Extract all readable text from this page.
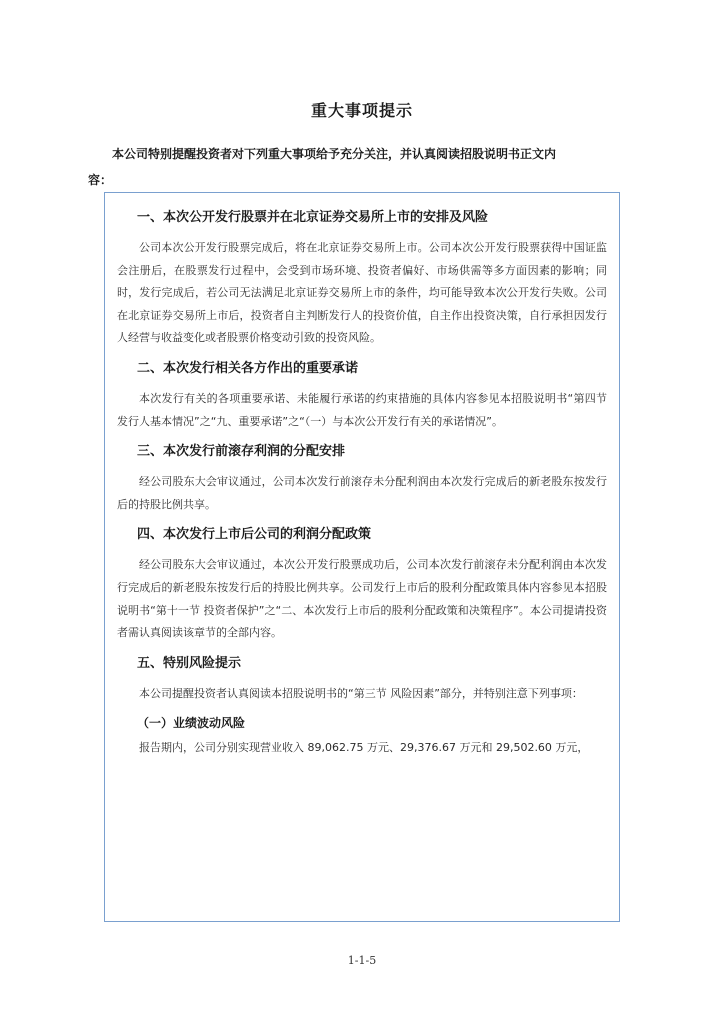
重大事项提示
本公司特别提醒投资者对下列重大事项给予充分关注，并认真阅读招股说明书正文内
容：
一、本次公开发行股票并在北京证券交易所上市的安排及风险

公司本次公开发行股票完成后，将在北京证券交易所上市。公司本次公开发行股票获得中国证监会注册后，在股票发行过程中，会受到市场环境、投资者偏好、市场供需等多方面因素的影响；同时，发行完成后，若公司无法满足北京证券交易所上市的条件，均可能导致本次公开发行失败。公司在北京证券交易所上市后，投资者自主判断发行人的投资价值，自主作出投资决策，自行承担因发行人经营与收益变化或者股票价格变动引致的投资风险。

二、本次发行相关各方作出的重要承诺

本次发行有关的各项重要承诺、未能履行承诺的约束措施的具体内容参见本招股说明书“第四节 发行人基本情况”之“九、重要承诺”之“（一）与本次公开发行有关的承诺情况”。

三、本次发行前滚存利润的分配安排

经公司股东大会审议通过，公司本次发行前滚存未分配利润由本次发行完成后的新老股东按发行后的持股比例共享。

四、本次发行上市后公司的利润分配政策

经公司股东大会审议通过，本次公开发行股票成功后，公司本次发行前滚存未分配利润由本次发行完成后的新老股东按发行后的持股比例共享。公司发行上市后的股利分配政策具体内容参见本招股说明书“第十一节 投资者保护”之“二、本次发行上市后的股利分配政策和决策程序”。本公司提请投资者需认真阅读该章节的全部内容。

五、特别风险提示

本公司提醒投资者认真阅读本招股说明书的“第三节 风险因素”部分，并特别注意下列事项：

（一）业绩波动风险

报告期内，公司分别实现营业收入 89,062.75 万元、29,376.67 万元和 29,502.60 万元，

1-1-5
